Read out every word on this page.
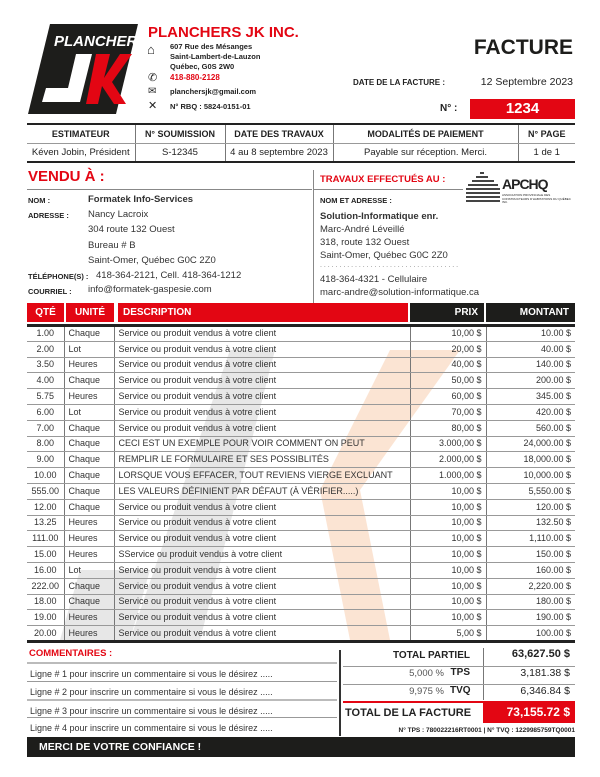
PLANCHERS
PLANCHERS JK INC.
⌂ 607 Rue des Mésanges
Saint-Lambert-de-Lauzon
Québec, G0S 2W0
✆ 418-880-2128
✉ planchersjk@gmail.com
✕ N° RBQ : 5824-0151-01
FACTURE
DATE DE LA FACTURE :	12 Septembre 2023
N° :	1234
ESTIMATEUR	N° SOUMISSION	DATE DES TRAVAUX	MODALITÉS DE PAIEMENT	N° PAGE
Kéven Jobin, Président	S-12345	4 au 8 septembre 2023	Payable sur réception. Merci.	1 de 1
VENDU À :
NOM :	Formatek Info-Services
ADRESSE : Nancy Lacroix
304 route 132 Ouest
Bureau # B
Saint-Omer, Québec G0C 2Z0
TÉLÉPHONE(S) : 418-364-2121, Cell. 418-364-1212
COURRIEL : info@formatek-gaspesie.com
TRAVAUX EFFECTUÉS AU :
NOM ET ADRESSE :
Solution-Informatique enr.
Marc-André Léveillé
318, route 132 Ouest
Saint-Omer, Québec G0C 2Z0
. . . . . . . . . . . . . . . . . . . . . . . . . . . . . . . . . . . .
418-364-4321 - Cellulaire
marc-andre@solution-informatique.ca
APCHQ
ASSOCIATION PROVINCIALE DES CONSTRUCTEURS D'HABITATIONS DU QUÉBEC INC.
QTÉ	UNITÉ	DESCRIPTION	PRIX	MONTANT
1.00	Chaque	Service ou produit vendus à votre client	10,00 $	10.00 $
2.00	Lot	Service ou produit vendus à votre client	20,00 $	40.00 $
3.50	Heures	Service ou produit vendus à votre client	40,00 $	140.00 $
4.00	Chaque	Service ou produit vendus à votre client	50,00 $	200.00 $
5.75	Heures	Service ou produit vendus à votre client	60,00 $	345.00 $
6.00	Lot	Service ou produit vendus à votre client	70,00 $	420.00 $
7.00	Chaque	Service ou produit vendus à votre client	80,00 $	560.00 $
8.00	Chaque	CECI EST UN EXEMPLE POUR VOIR COMMENT ON PEUT	3.000,00 $	24,000.00 $
9.00	Chaque	REMPLIR LE FORMULAIRE ET SES POSSIBLITÉS	2.000,00 $	18,000.00 $
10.00	Chaque	LORSQUE VOUS EFFACER, TOUT REVIENS VIERGE EXCLUANT	1.000,00 $	10,000.00 $
555.00	Chaque	LES VALEURS DÉFINIENT PAR DÉFAUT (À VÉRIFIER.....)	10,00 $	5,550.00 $
12.00	Chaque	Service ou produit vendus à votre client	10,00 $	120.00 $
13.25	Heures	Service ou produit vendus à votre client	10,00 $	132.50 $
111.00	Heures	Service ou produit vendus à votre client	10,00 $	1,110.00 $
15.00	Heures	SService ou produit vendus à votre client	10,00 $	150.00 $
16.00	Lot	Service ou produit vendus à votre client	10,00 $	160.00 $
222.00	Chaque	Service ou produit vendus à votre client	10,00 $	2,220.00 $
18.00	Chaque	Service ou produit vendus à votre client	10,00 $	180.00 $
19.00	Heures	Service ou produit vendus à votre client	10,00 $	190.00 $
20.00	Heures	Service ou produit vendus à votre client	5,00 $	100.00 $
COMMENTAIRES :
Ligne # 1 pour inscrire un commentaire si vous le désirez .....
Ligne # 2 pour inscrire un commentaire si vous le désirez .....
Ligne # 3 pour inscrire un commentaire si vous le désirez .....
Ligne # 4 pour inscrire un commentaire si vous le désirez .....
TOTAL PARTIEL	63,627.50 $
5,000 % TPS	3,181.38 $
9,975 % TVQ	6,346.84 $
TOTAL DE LA FACTURE	73,155.72 $
N° TPS : 780022216RT0001 | N° TVQ : 1229985759TQ0001
MERCI DE VOTRE CONFIANCE !
